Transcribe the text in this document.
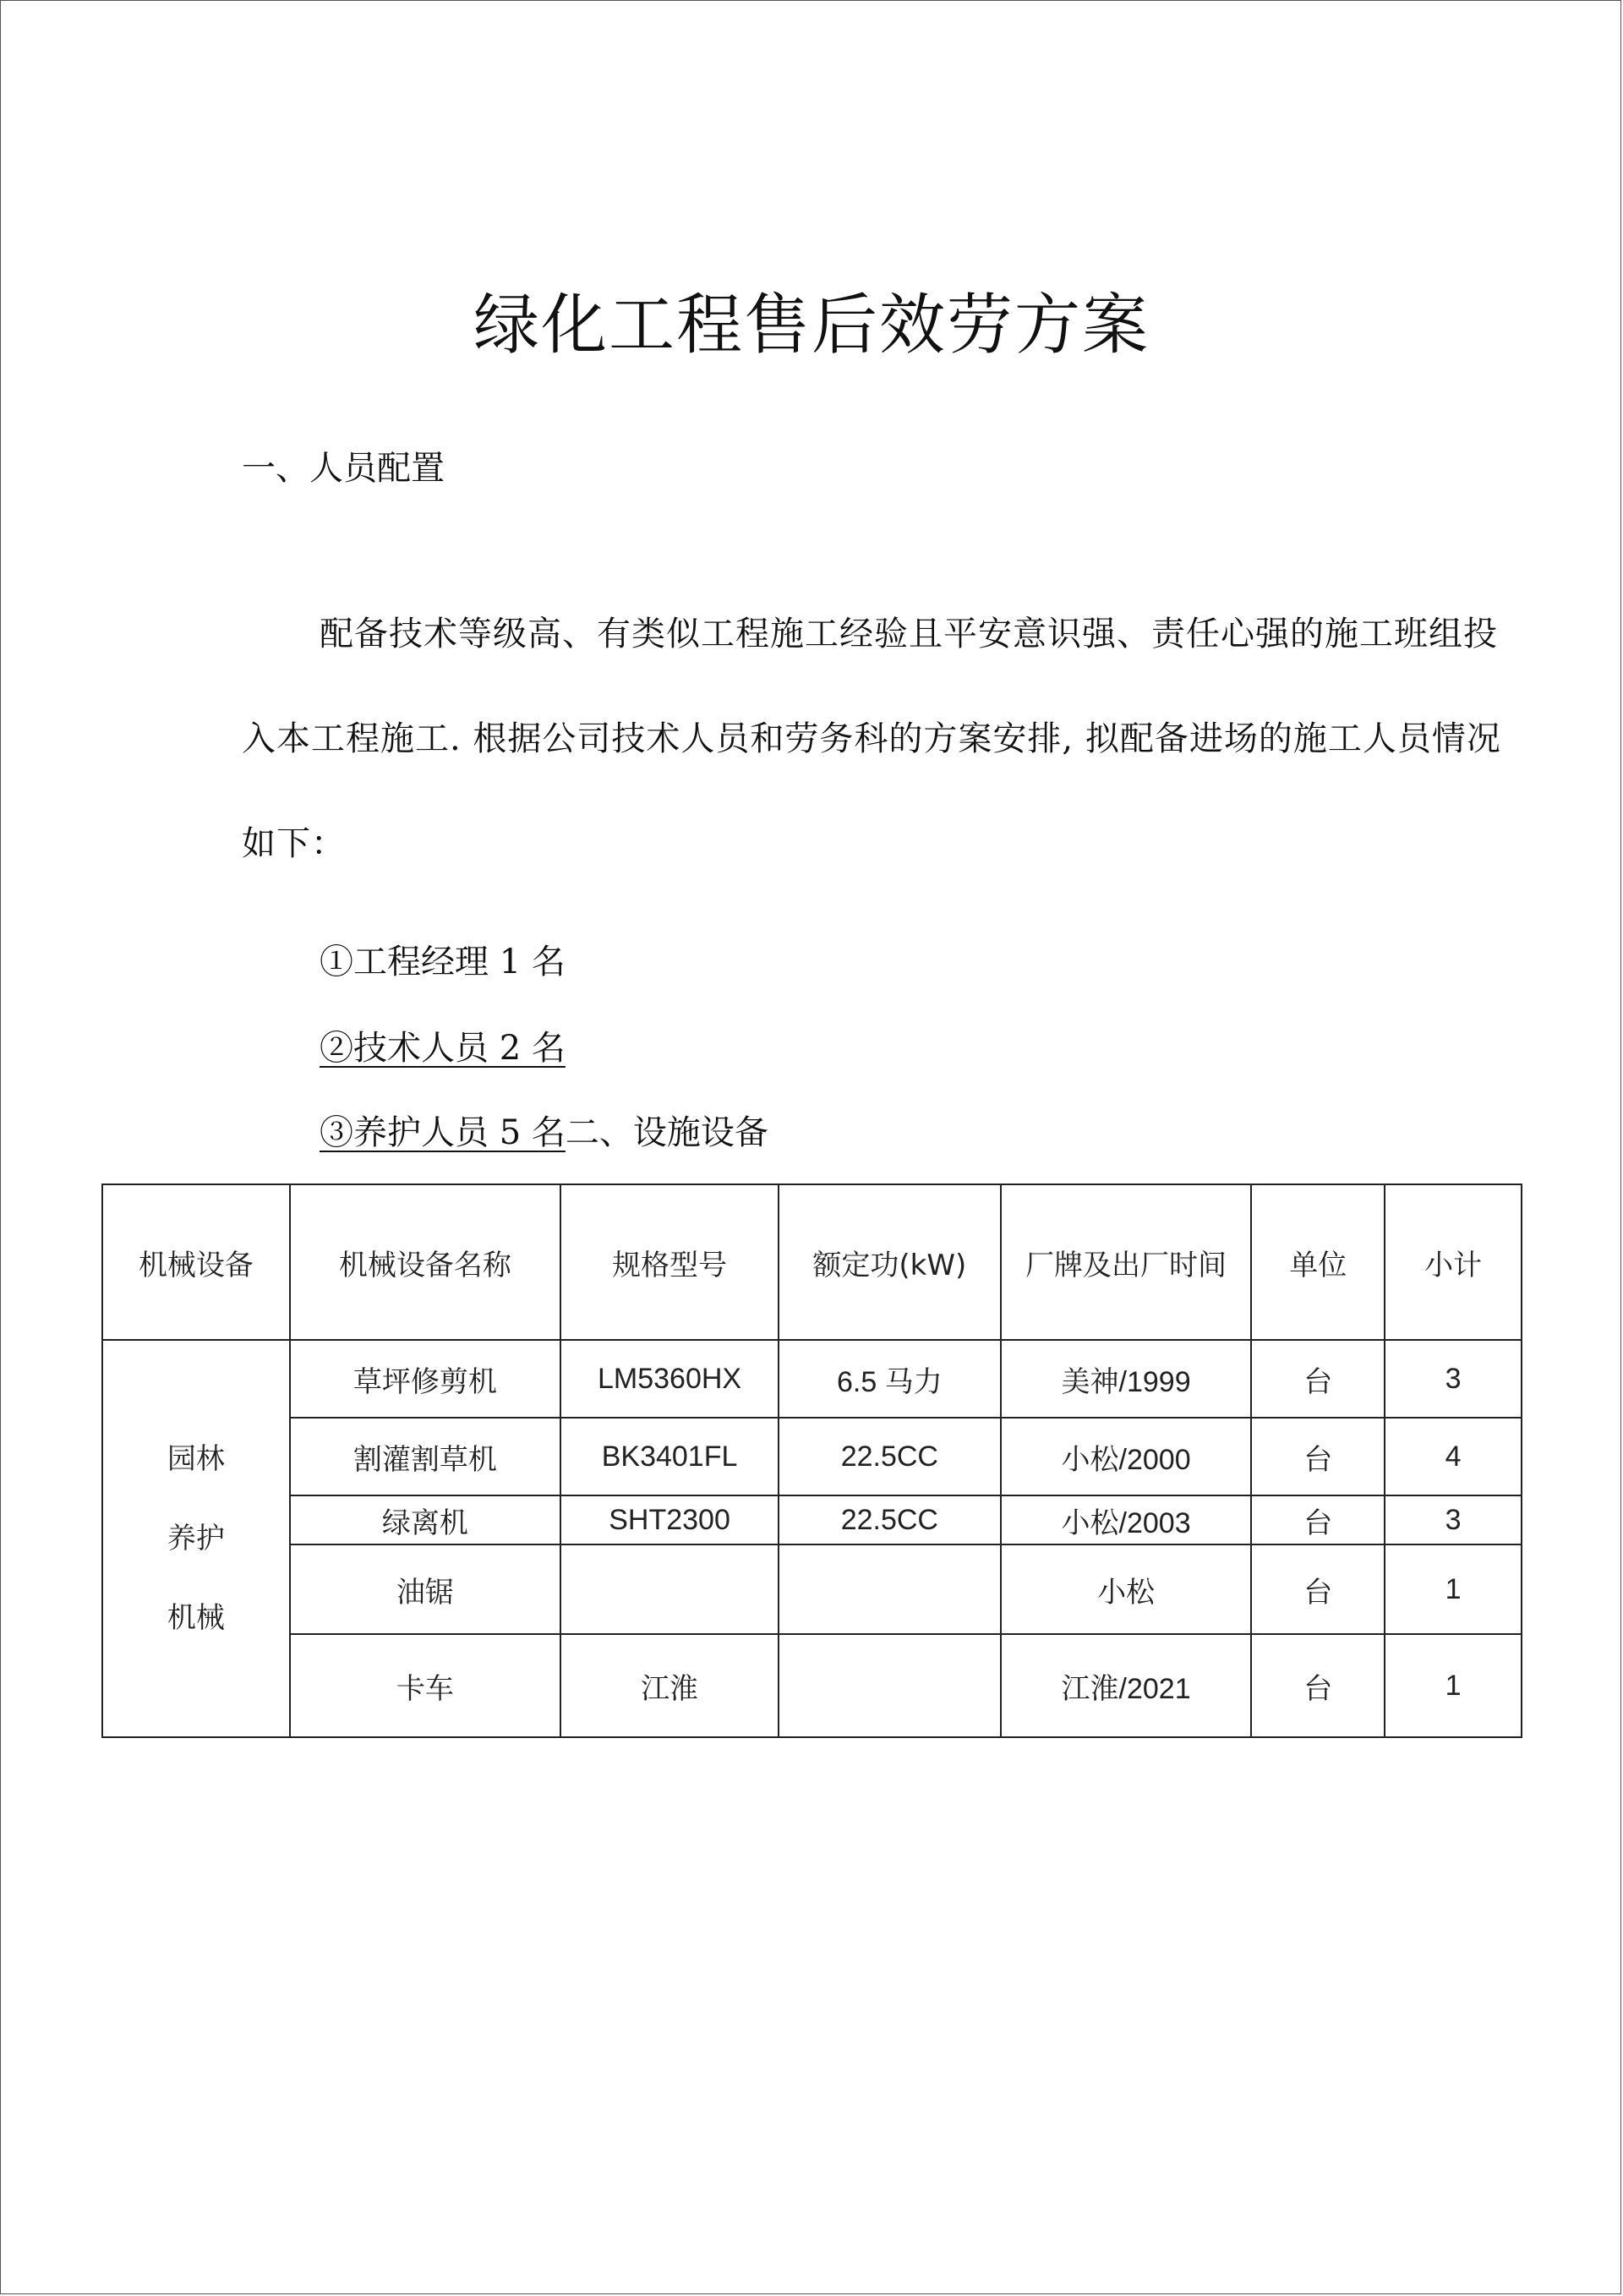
绿化工程售后效劳方案
一、人员配置
配备技术等级高、有类似工程施工经验且平安意识强、责任心强的施工班组投入本工程施工. 根据公司技术人员和劳务科的方案安排, 拟配备进场的施工人员情况如下：
①工程经理 1 名
②技术人员 2 名
③养护人员 5 名二、设施设备
机械设备	机械设备名称	规格型号	额定功(kW)	厂牌及出厂时间	单位	小计

园林
养护
机械	草坪修剪机	LM5360HX	6.5 马力	美神/1999	台	3
	割灌割草机	BK3401FL	22.5CC	小松/2000	台	4
	绿离机	SHT2300	22.5CC	小松/2003	台	3
	油锯			小松	台	1
	卡车	江淮		江淮/2021	台	1
